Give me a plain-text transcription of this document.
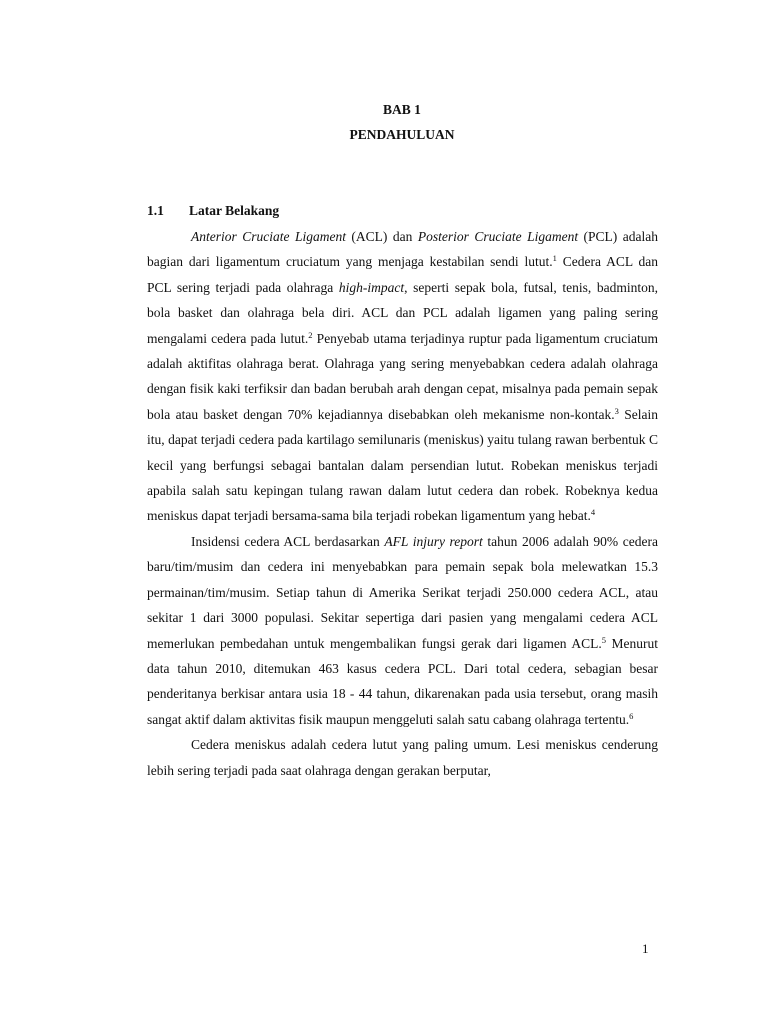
BAB 1
PENDAHULUAN
1.1 Latar Belakang

Anterior Cruciate Ligament (ACL) dan Posterior Cruciate Ligament (PCL) adalah bagian dari ligamentum cruciatum yang menjaga kestabilan sendi lutut.$^1$ Cedera ACL dan PCL sering terjadi pada olahraga high-impact, seperti sepak bola, futsal, tenis, badminton, bola basket dan olahraga bela diri. ACL dan PCL adalah ligamen yang paling sering mengalami cedera pada lutut.$^2$ Penyebab utama terjadinya ruptur pada ligamentum cruciatum adalah aktifitas olahraga berat. Olahraga yang sering menyebabkan cedera adalah olahraga dengan fisik kaki terfiksir dan badan berubah arah dengan cepat, misalnya pada pemain sepak bola atau basket dengan 70% kejadiannya disebabkan oleh mekanisme non-kontak.$^3$ Selain itu, dapat terjadi cedera pada kartilago semilunaris (meniskus) yaitu tulang rawan berbentuk C kecil yang berfungsi sebagai bantalan dalam persendian lutut. Robekan meniskus terjadi apabila salah satu kepingan tulang rawan dalam lutut cedera dan robek. Robeknya kedua meniskus dapat terjadi bersama-sama bila terjadi robekan ligamentum yang hebat.$^4$

Insidensi cedera ACL berdasarkan AFL injury report tahun 2006 adalah 90% cedera baru/tim/musim dan cedera ini menyebabkan para pemain sepak bola melewatkan 15.3 permainan/tim/musim. Setiap tahun di Amerika Serikat terjadi 250.000 cedera ACL, atau sekitar 1 dari 3000 populasi. Sekitar sepertiga dari pasien yang mengalami cedera ACL memerlukan pembedahan untuk mengembalikan fungsi gerak dari ligamen ACL.$^5$ Menurut data tahun 2010, ditemukan 463 kasus cedera PCL. Dari total cedera, sebagian besar penderitanya berkisar antara usia 18 - 44 tahun, dikarenakan pada usia tersebut, orang masih sangat aktif dalam aktivitas fisik maupun menggeluti salah satu cabang olahraga tertentu.$^6$

Cedera meniskus adalah cedera lutut yang paling umum. Lesi meniskus cenderung lebih sering terjadi pada saat olahraga dengan gerakan berputar,

1
